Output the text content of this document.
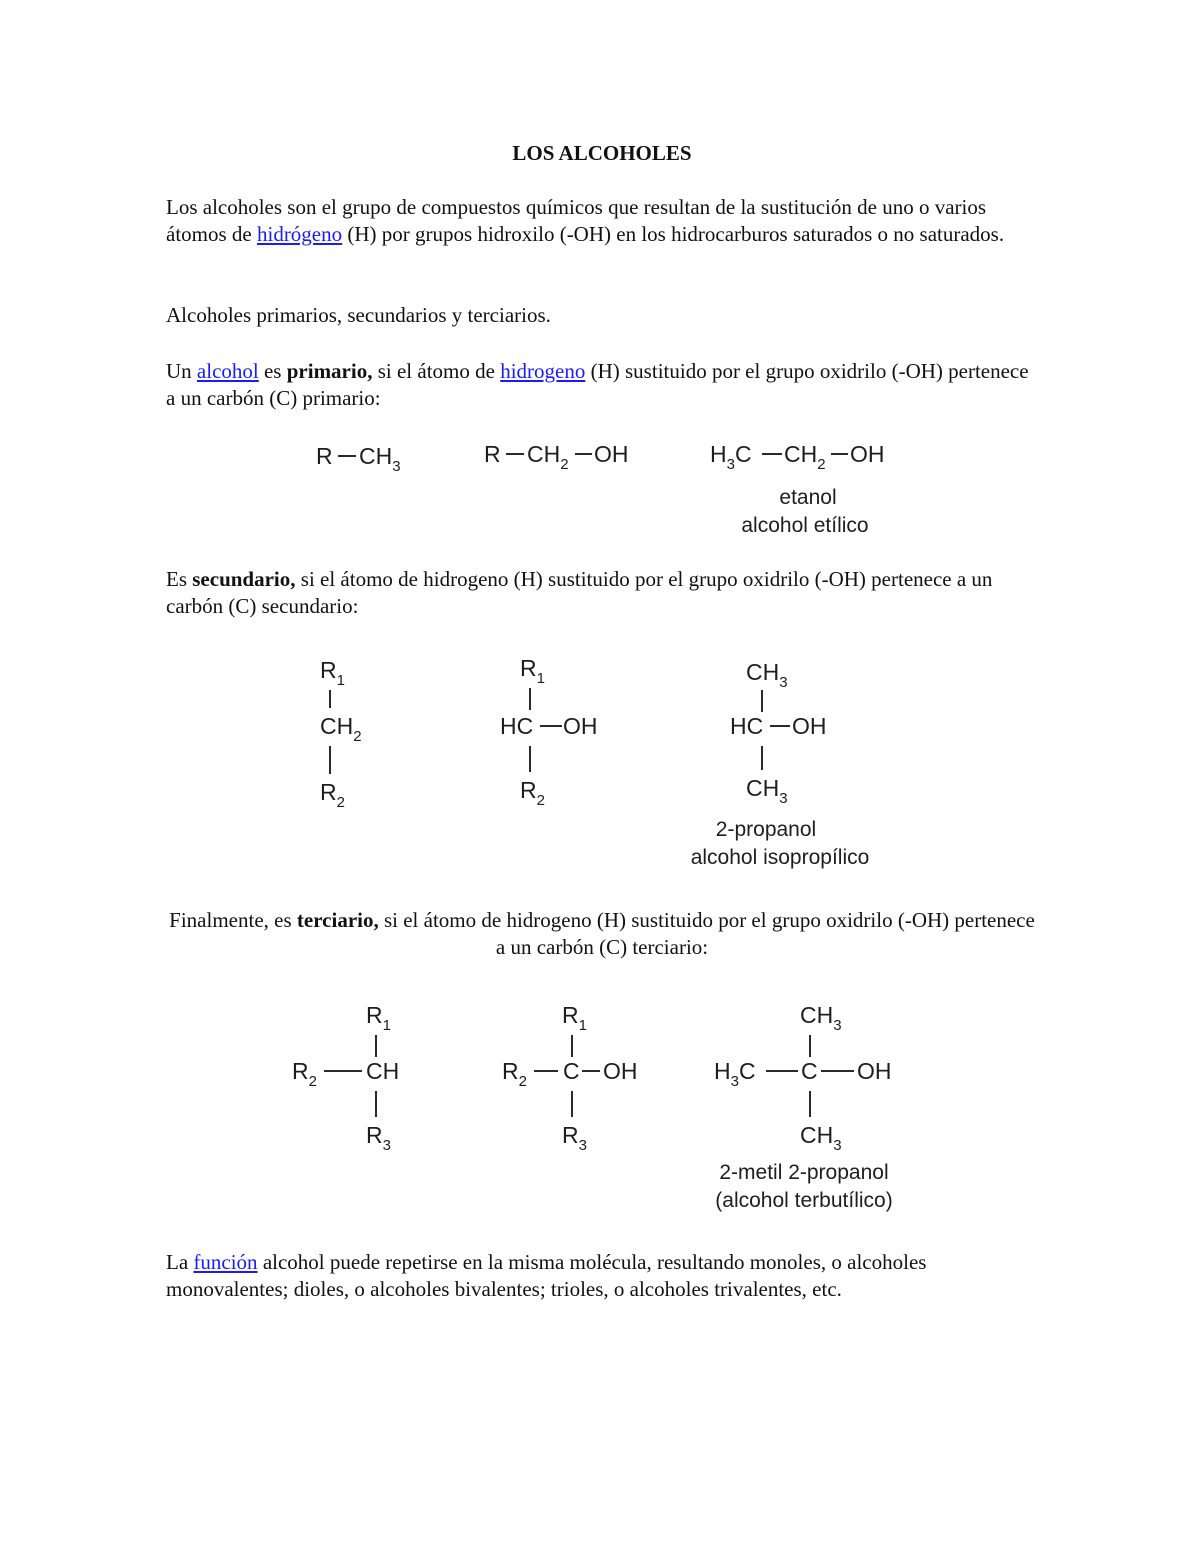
LOS ALCOHOLES

Los alcoholes son el grupo de compuestos químicos que resultan de la sustitución de uno o varios átomos de hidrógeno (H) por grupos hidroxilo (-OH) en los hidrocarburos saturados o no saturados.

Alcoholes primarios, secundarios y terciarios.

Un alcohol es primario, si el átomo de hidrogeno (H) sustituido por el grupo oxidrilo (-OH) pertenece a un carbón (C) primario:

R $CH_3$	R $CH_2$ OH	$H_3C$ $CH_2$ OH
etanol
alcohol etílico

Es secundario, si el átomo de hidrogeno (H) sustituido por el grupo oxidrilo (-OH) pertenece a un carbón (C) secundario:

$R_1$
$CH_2$
$R_2$
$R_1$
HC OH
$R_2$
$CH_3$
HC OH
$CH_3$
2-propanol
alcohol isopropílico

Finalmente, es terciario, si el átomo de hidrogeno (H) sustituido por el grupo oxidrilo (-OH) pertenece a un carbón (C) terciario:

$R_1$
$R_2$ CH
$R_3$
$R_1$
$R_2$ C OH
$R_3$
$CH_3$
$H_3C$ C OH
$CH_3$
2-metil 2-propanol
(alcohol terbutílico)

La función alcohol puede repetirse en la misma molécula, resultando monoles, o alcoholes monovalentes; dioles, o alcoholes bivalentes; trioles, o alcoholes trivalentes, etc.
